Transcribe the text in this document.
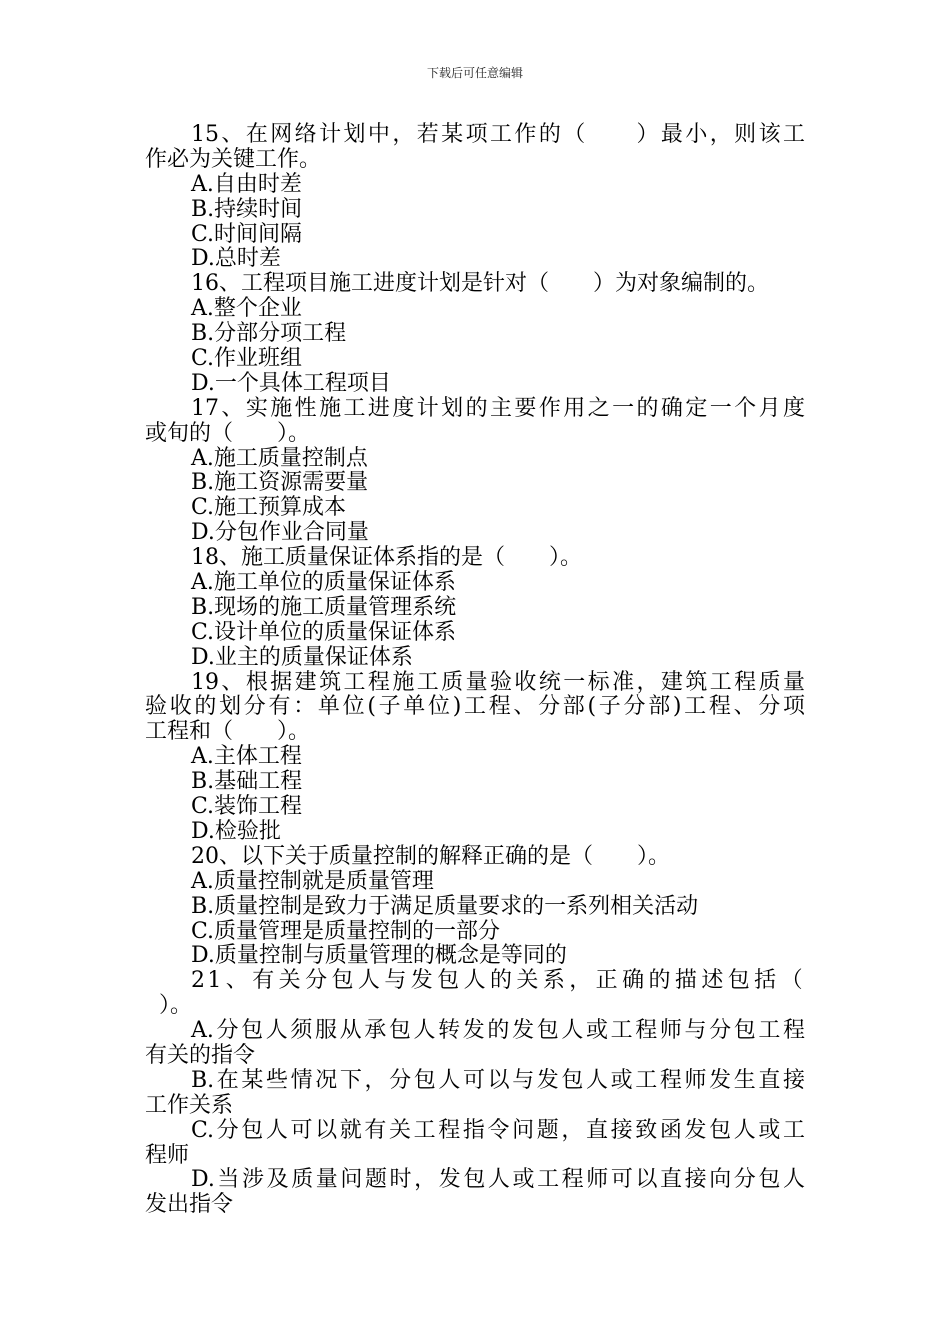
下载后可任意编辑
15、在网络计划中，若某项工作的（　　）最小，则该工
作必为关键工作。
A.自由时差
B.持续时间
C.时间间隔
D.总时差
16、工程项目施工进度计划是针对（　　）为对象编制的。
A.整个企业
B.分部分项工程
C.作业班组
D.一个具体工程项目
17、实施性施工进度计划的主要作用之一的确定一个月度
或旬的（　　）。
A.施工质量控制点
B.施工资源需要量
C.施工预算成本
D.分包作业合同量
18、施工质量保证体系指的是（　　）。
A.施工单位的质量保证体系
B.现场的施工质量管理系统
C.设计单位的质量保证体系
D.业主的质量保证体系
19、根据建筑工程施工质量验收统一标准，建筑工程质量
验收的划分有：单位(子单位)工程、分部(子分部)工程、分项
工程和（　　）。
A.主体工程
B.基础工程
C.装饰工程
D.检验批
20、以下关于质量控制的解释正确的是（　　）。
A.质量控制就是质量管理
B.质量控制是致力于满足质量要求的一系列相关活动
C.质量管理是质量控制的一部分
D.质量控制与质量管理的概念是等同的
21、有关分包人与发包人的关系，正确的描述包括（
）。
A.分包人须服从承包人转发的发包人或工程师与分包工程
有关的指令
B.在某些情况下，分包人可以与发包人或工程师发生直接
工作关系
C.分包人可以就有关工程指令问题，直接致函发包人或工
程师
D.当涉及质量问题时，发包人或工程师可以直接向分包人
发出指令
